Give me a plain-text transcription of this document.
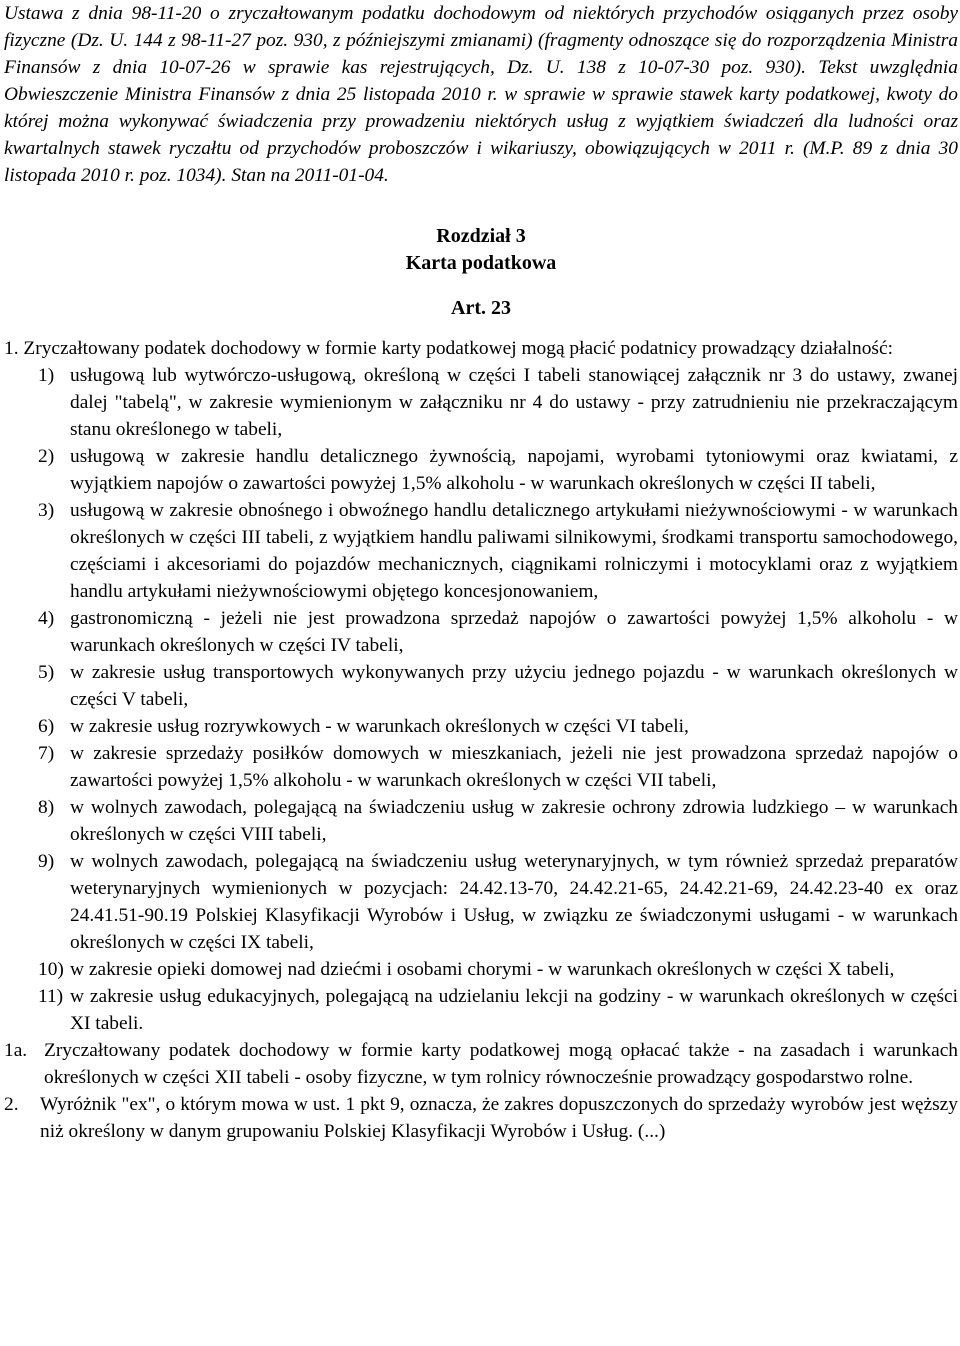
Ustawa z dnia 98-11-20 o zryczałtowanym podatku dochodowym od niektórych przychodów osiąganych przez osoby fizyczne (Dz. U. 144 z 98-11-27 poz. 930, z późniejszymi zmianami) (fragmenty odnoszące się do rozporządzenia Ministra Finansów z dnia 10-07-26 w sprawie kas rejestrujących, Dz. U. 138 z 10-07-30 poz. 930). Tekst uwzględnia Obwieszczenie Ministra Finansów z dnia 25 listopada 2010 r. w sprawie w sprawie stawek karty podatkowej, kwoty do której można wykonywać świadczenia przy prowadzeniu niektórych usług z wyjątkiem świadczeń dla ludności oraz kwartalnych stawek ryczałtu od przychodów proboszczów i wikariuszy, obowiązujących w 2011 r. (M.P. 89 z dnia 30 listopada 2010 r. poz. 1034). Stan na 2011-01-04.

Rozdział 3
Karta podatkowa
Art. 23

1. Zryczałtowany podatek dochodowy w formie karty podatkowej mogą płacić podatnicy prowadzący działalność:

1) usługową lub wytwórczo-usługową, określoną w części I tabeli stanowiącej załącznik nr 3 do ustawy, zwanej dalej "tabelą", w zakresie wymienionym w załączniku nr 4 do ustawy - przy zatrudnieniu nie przekraczającym stanu określonego w tabeli,
2) usługową w zakresie handlu detalicznego żywnością, napojami, wyrobami tytoniowymi oraz kwiatami, z wyjątkiem napojów o zawartości powyżej 1,5% alkoholu - w warunkach określonych w części II tabeli,
3) usługową w zakresie obnośnego i obwoźnego handlu detalicznego artykułami nieżywnościowymi - w warunkach określonych w części III tabeli, z wyjątkiem handlu paliwami silnikowymi, środkami transportu samochodowego, częściami i akcesoriami do pojazdów mechanicznych, ciągnikami rolniczymi i motocyklami oraz z wyjątkiem handlu artykułami nieżywnościowymi objętego koncesjonowaniem,
4) gastronomiczną - jeżeli nie jest prowadzona sprzedaż napojów o zawartości powyżej 1,5% alkoholu - w warunkach określonych w części IV tabeli,
5) w zakresie usług transportowych wykonywanych przy użyciu jednego pojazdu - w warunkach określonych w części V tabeli,
6) w zakresie usług rozrywkowych - w warunkach określonych w części VI tabeli,
7) w zakresie sprzedaży posiłków domowych w mieszkaniach, jeżeli nie jest prowadzona sprzedaż napojów o zawartości powyżej 1,5% alkoholu - w warunkach określonych w części VII tabeli,
8) w wolnych zawodach, polegającą na świadczeniu usług w zakresie ochrony zdrowia ludzkiego – w warunkach określonych w części VIII tabeli,
9) w wolnych zawodach, polegającą na świadczeniu usług weterynaryjnych, w tym również sprzedaż preparatów weterynaryjnych wymienionych w pozycjach: 24.42.13-70, 24.42.21-65, 24.42.21-69, 24.42.23-40 ex oraz 24.41.51-90.19 Polskiej Klasyfikacji Wyrobów i Usług, w związku ze świadczonymi usługami - w warunkach określonych w części IX tabeli,
10) w zakresie opieki domowej nad dziećmi i osobami chorymi - w warunkach określonych w części X tabeli,
11) w zakresie usług edukacyjnych, polegającą na udzielaniu lekcji na godziny - w warunkach określonych w części XI tabeli.

1a. Zryczałtowany podatek dochodowy w formie karty podatkowej mogą opłacać także - na zasadach i warunkach określonych w części XII tabeli - osoby fizyczne, w tym rolnicy równocześnie prowadzący gospodarstwo rolne.

2. Wyróżnik "ex", o którym mowa w ust. 1 pkt 9, oznacza, że zakres dopuszczonych do sprzedaży wyrobów jest węższy niż określony w danym grupowaniu Polskiej Klasyfikacji Wyrobów i Usług. (...)
